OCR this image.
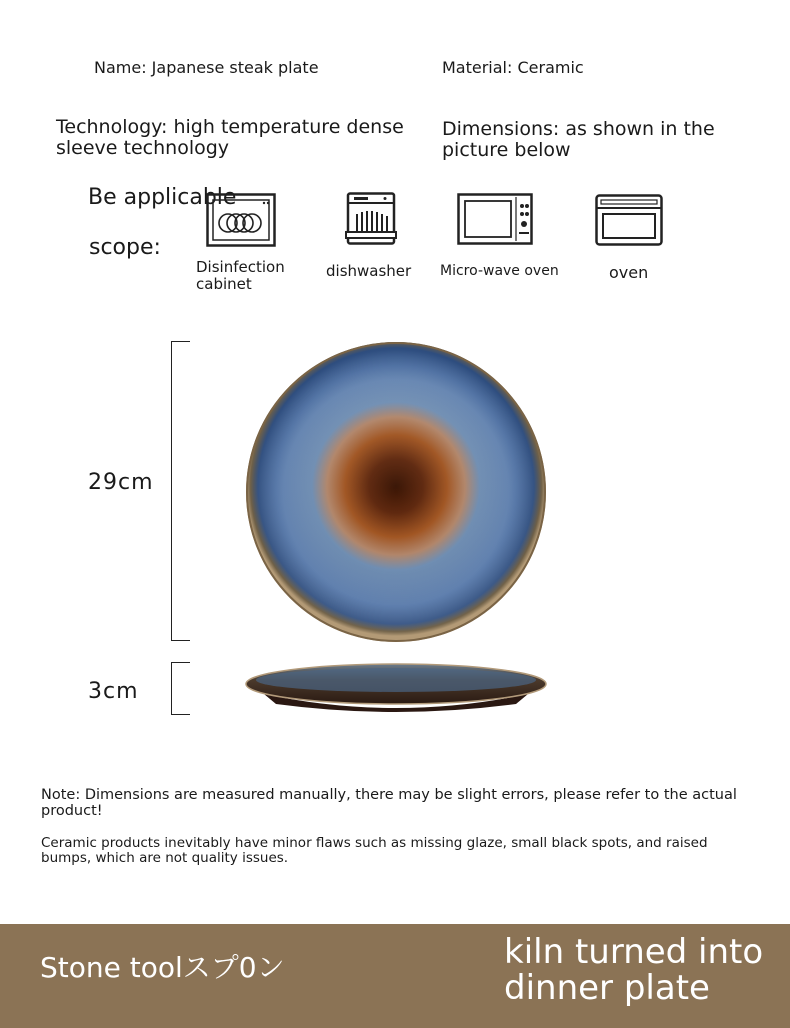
Name: Japanese steak plate	Material: Ceramic
Technology: high temperature dense
sleeve technology
Dimensions: as shown in the
picture below
Be applicable
scope:
Disinfection
cabinet
dishwasher Micro-wave oven	oven
29cm
3cm
Note: Dimensions are measured manually, there may be slight errors, please refer to the actual product!
Ceramic products inevitably have minor flaws such as missing glaze, small black spots, and raised bumps, which are not quality issues.
Stone toolスプ0ン	kiln turned into
dinner plate
